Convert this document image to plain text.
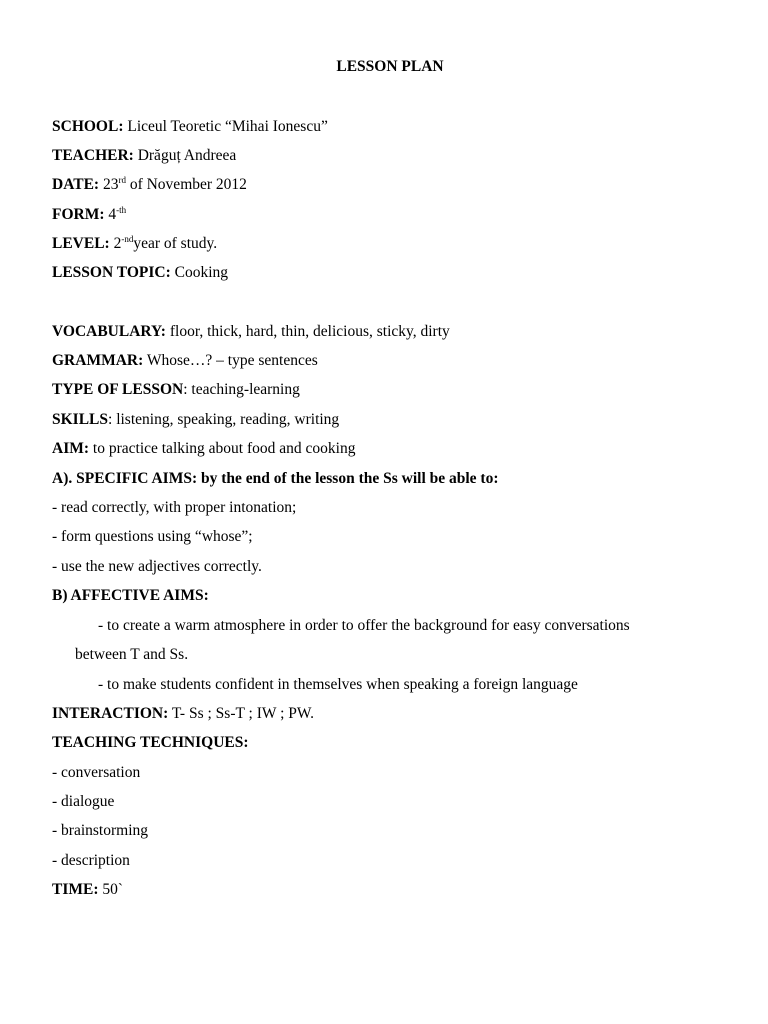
LESSON PLAN
SCHOOL: Liceul Teoretic “Mihai Ionescu”
TEACHER: Drăguț Andreea
DATE: 23rd of November 2012
FORM: $4^{-th}$
LEVEL: $2^{-nd}year$ of study.
LESSON TOPIC: Cooking
VOCABULARY: floor, thick, hard, thin, delicious, sticky, dirty
GRAMMAR: Whose…? – type sentences
TYPE OF LESSON: teaching-learning
SKILLS: listening, speaking, reading, writing
AIM: to practice talking about food and cooking
A). SPECIFIC AIMS: by the end of the lesson the Ss will be able to:
- read correctly, with proper intonation;
- form questions using “whose”;
- use the new adjectives correctly.
B) AFFECTIVE AIMS:
- to create a warm atmosphere in order to offer the background for easy conversations
between T and Ss.
- to make students confident in themselves when speaking a foreign language
INTERACTION: T- Ss ; Ss-T ; IW ; PW.
TEACHING TECHNIQUES:
- conversation
- dialogue
- brainstorming
- description
TIME: 50`
